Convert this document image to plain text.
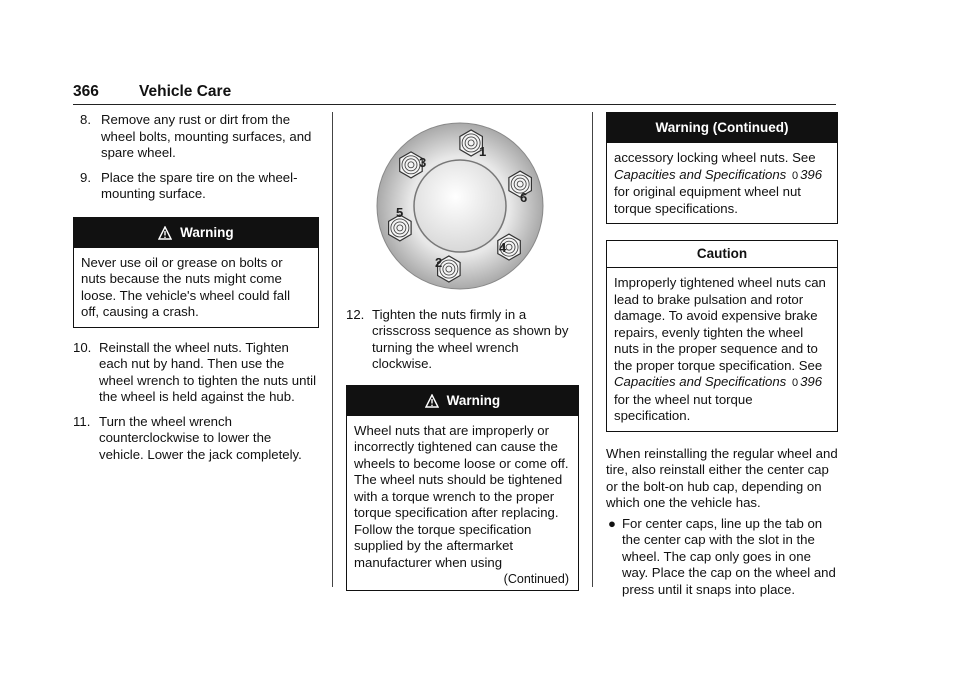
366	Vehicle Care
8. Remove any rust or dirt from the wheel bolts, mounting surfaces, and spare wheel.

9. Place the spare tire on the wheel-mounting surface.

Warning

Never use oil or grease on bolts or nuts because the nuts might come loose. The vehicle's wheel could fall off, causing a crash.

10. Reinstall the wheel nuts. Tighten each nut by hand. Then use the wheel wrench to tighten the nuts until the wheel is held against the hub.

11. Turn the wheel wrench counterclockwise to lower the vehicle. Lower the jack completely.

1
2
3
4
5
6
12. Tighten the nuts firmly in a crisscross sequence as shown by turning the wheel wrench clockwise.

Warning

Wheel nuts that are improperly or incorrectly tightened can cause the wheels to become loose or come off. The wheel nuts should be tightened with a torque wrench to the proper torque specification after replacing. Follow the torque specification supplied by the aftermarket manufacturer when using

(Continued)

Warning (Continued)

accessory locking wheel nuts. See Capacities and Specifications 0 396 for original equipment wheel nut torque specifications.

Caution

Improperly tightened wheel nuts can lead to brake pulsation and rotor damage. To avoid expensive brake repairs, evenly tighten the wheel nuts in the proper sequence and to the proper torque specification. See Capacities and Specifications 0 396 for the wheel nut torque specification.

When reinstalling the regular wheel and tire, also reinstall either the center cap or the bolt-on hub cap, depending on which one the vehicle has.

● For center caps, line up the tab on the center cap with the slot in the wheel. The cap only goes in one way. Place the cap on the wheel and press until it snaps into place.
